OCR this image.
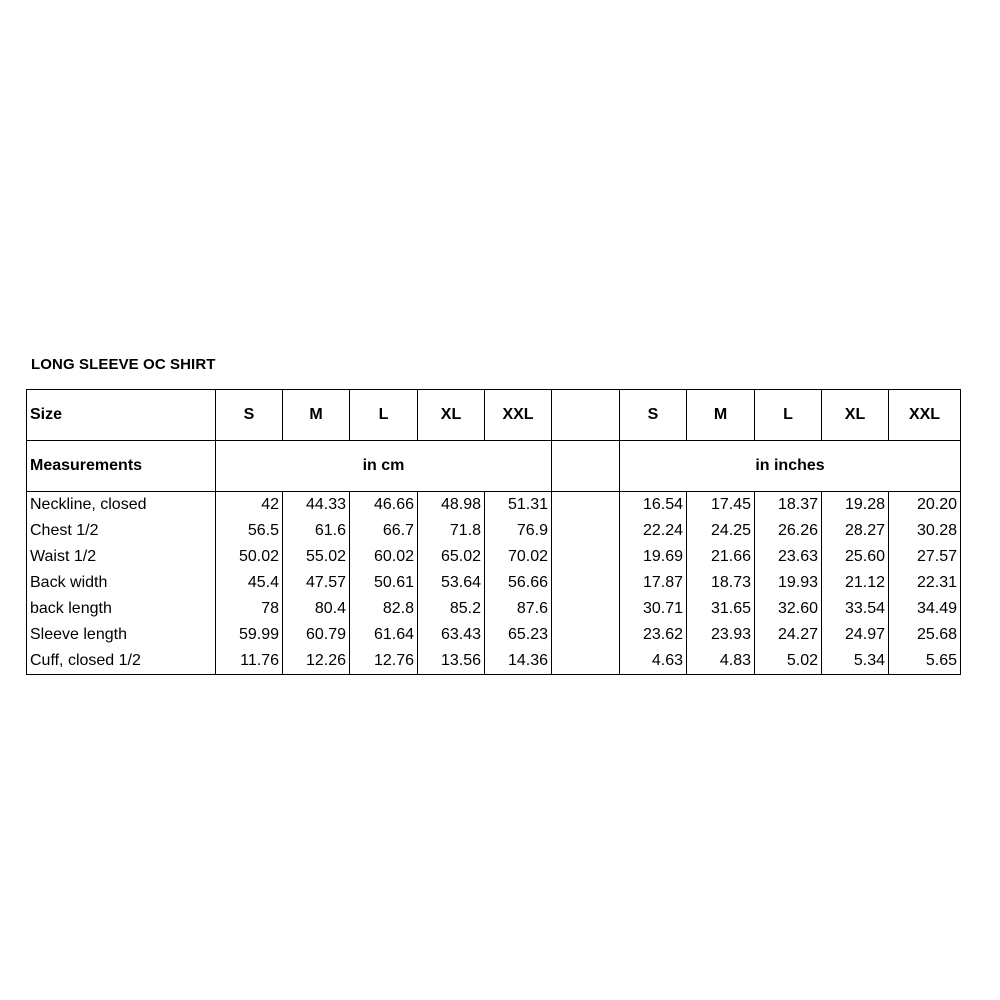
LONG SLEEVE OC SHIRT
Size	S	M	L	XL	XXL		S	M	L	XL	XXL
Measurements	in cm						in inches				
Neckline, closed	42	44.33	46.66	48.98	51.31		16.54	17.45	18.37	19.28	20.20
Chest 1/2	56.5	61.6	66.7	71.8	76.9		22.24	24.25	26.26	28.27	30.28
Waist 1/2	50.02	55.02	60.02	65.02	70.02		19.69	21.66	23.63	25.60	27.57
Back width	45.4	47.57	50.61	53.64	56.66		17.87	18.73	19.93	21.12	22.31
back length	78	80.4	82.8	85.2	87.6		30.71	31.65	32.60	33.54	34.49
Sleeve length	59.99	60.79	61.64	63.43	65.23		23.62	23.93	24.27	24.97	25.68
Cuff, closed 1/2	11.76	12.26	12.76	13.56	14.36		4.63	4.83	5.02	5.34	5.65
